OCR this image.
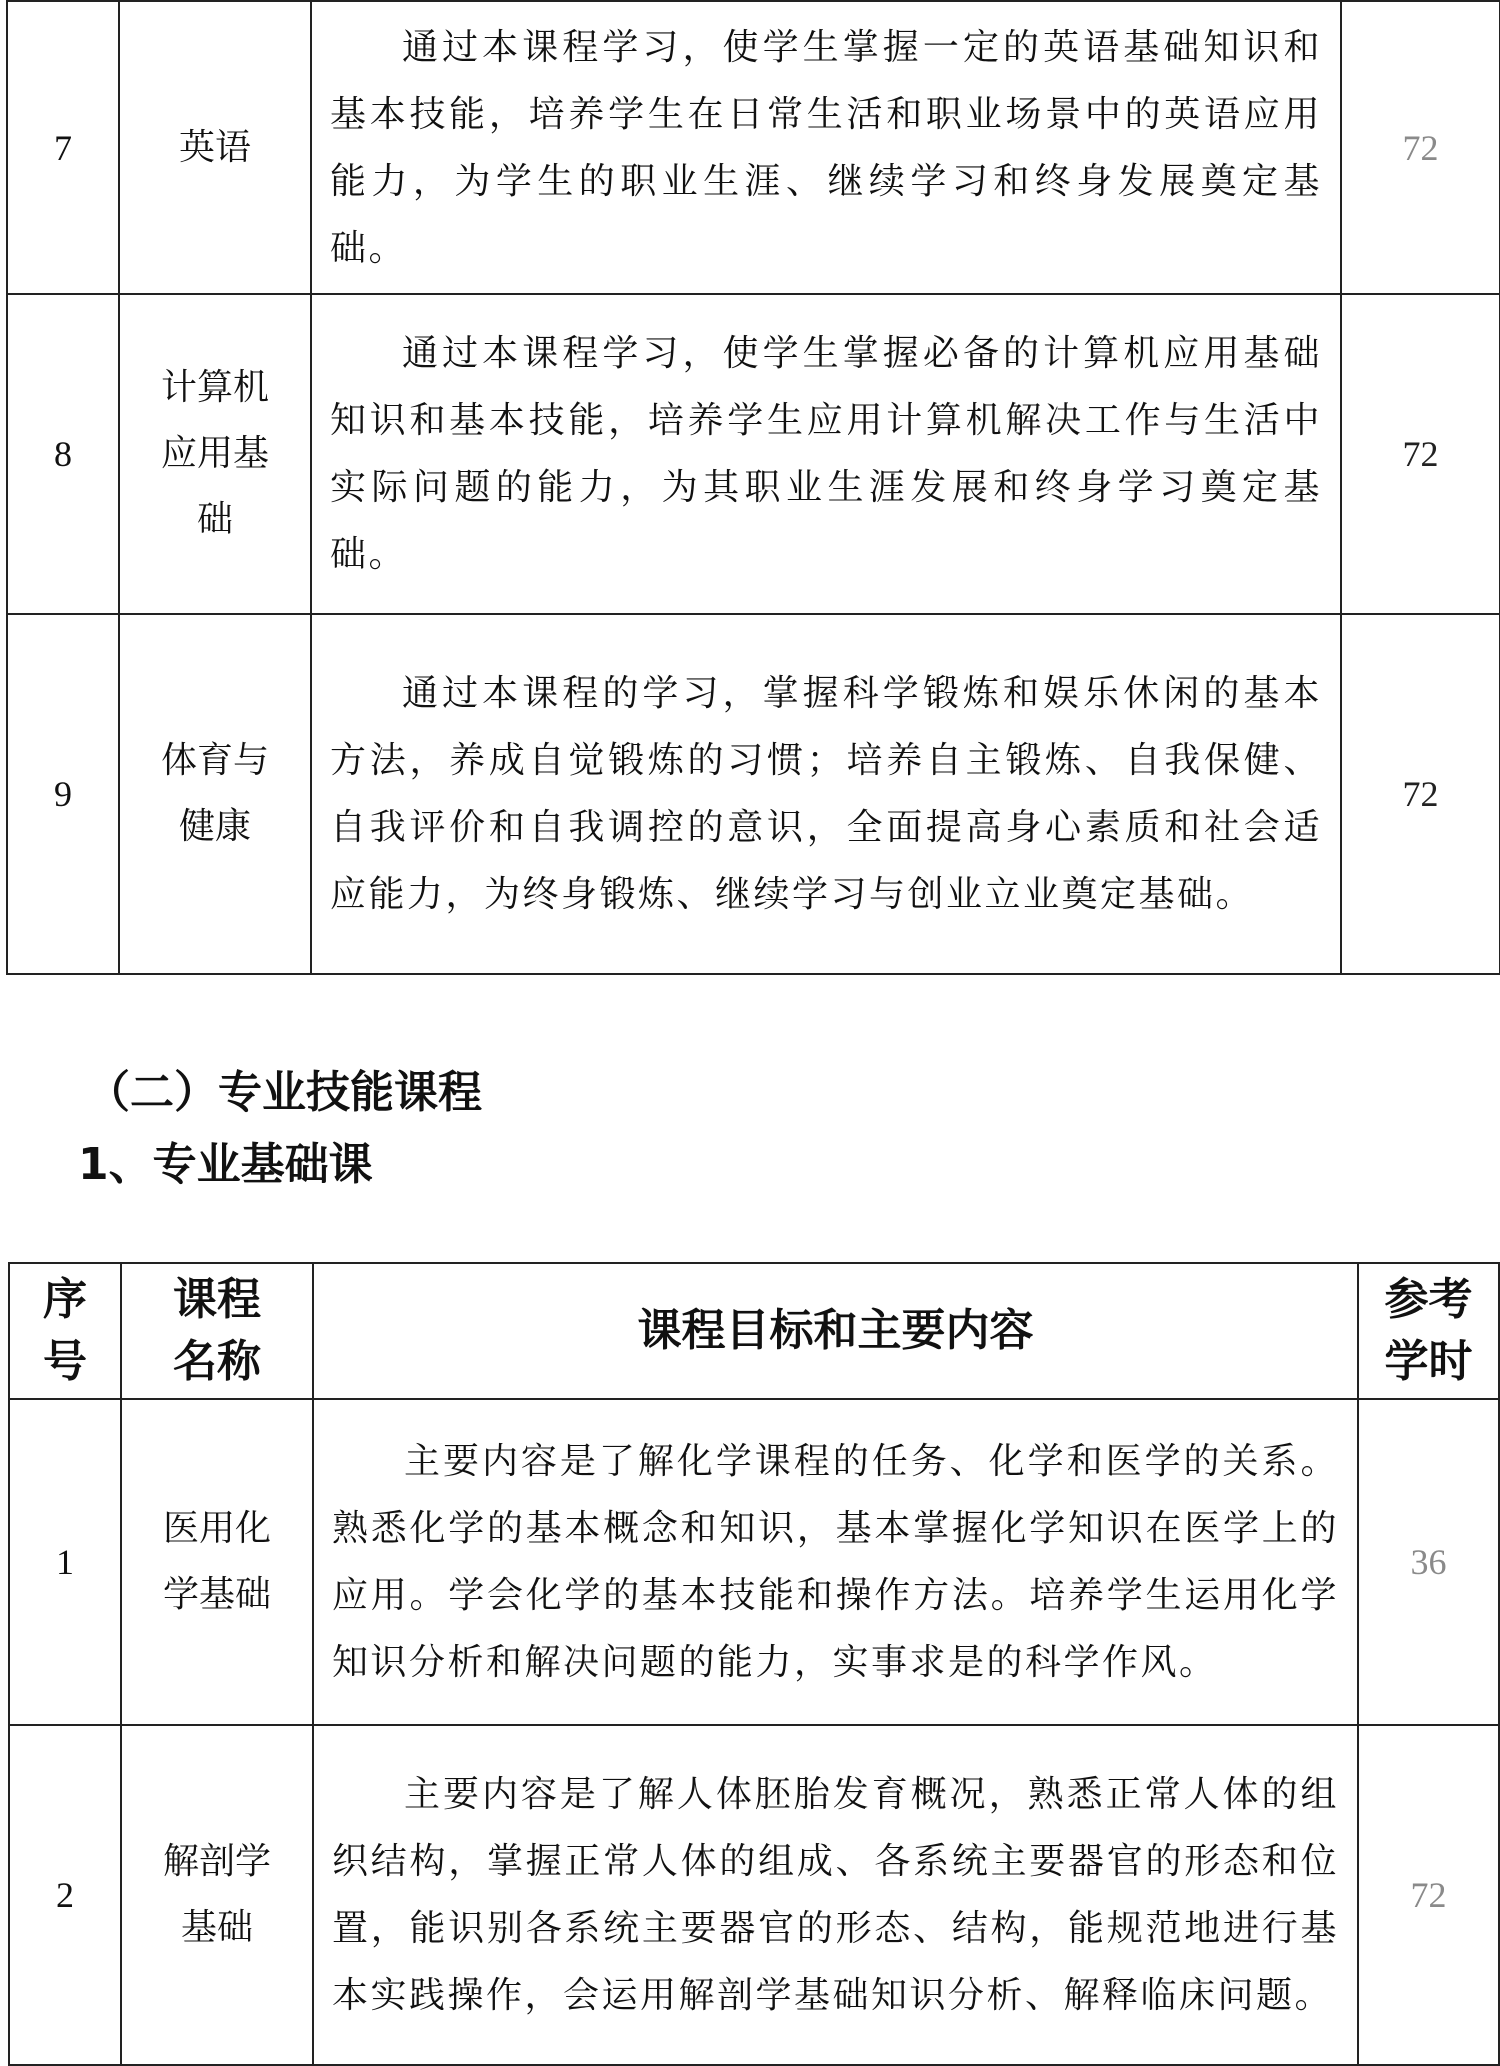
7	英语	通过本课程学习，使学生掌握一定的英语基础知识和基本技能，培养学生在日常生活和职业场景中的英语应用能力，为学生的职业生涯、继续学习和终身发展奠定基础。	72
8	计算机应用基础	通过本课程学习，使学生掌握必备的计算机应用基础知识和基本技能，培养学生应用计算机解决工作与生活中实际问题的能力，为其职业生涯发展和终身学习奠定基础。	72
9	体育与健康	通过本课程的学习，掌握科学锻炼和娱乐休闲的基本方法，养成自觉锻炼的习惯；培养自主锻炼、自我保健、自我评价和自我调控的意识，全面提高身心素质和社会适应能力，为终身锻炼、继续学习与创业立业奠定基础。	72
（二）专业技能课程
1、专业基础课
序号	课程名称	课程目标和主要内容	参考学时

1	医用化学基础	主要内容是了解化学课程的任务、化学和医学的关系。熟悉化学的基本概念和知识，基本掌握化学知识在医学上的应用。学会化学的基本技能和操作方法。培养学生运用化学知识分析和解决问题的能力，实事求是的科学作风。	36
2	解剖学基础	主要内容是了解人体胚胎发育概况，熟悉正常人体的组织结构，掌握正常人体的组成、各系统主要器官的形态和位置，能识别各系统主要器官的形态、结构，能规范地进行基本实践操作，会运用解剖学基础知识分析、解释临床问题。	72
